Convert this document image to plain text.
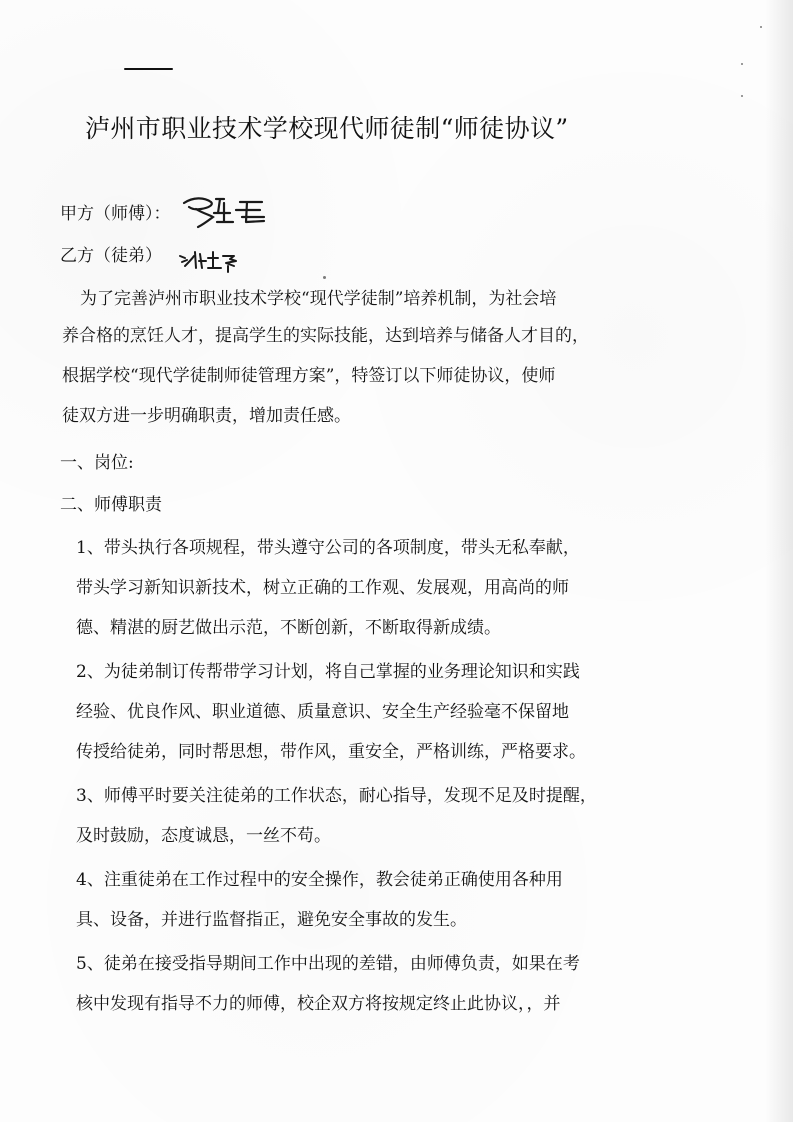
泸州市职业技术学校现代师徒制“师徒协议”
甲方（师傅）：
乙方（徒弟）
为了完善泸州市职业技术学校“现代学徒制”培养机制，为社会培
养合格的烹饪人才，提高学生的实际技能，达到培养与储备人才目的，
根据学校“现代学徒制师徒管理方案”，特签订以下师徒协议，使师
徒双方进一步明确职责，增加责任感。
一、岗位:
二、师傅职责
1、带头执行各项规程，带头遵守公司的各项制度，带头无私奉献，
带头学习新知识新技术，树立正确的工作观、发展观，用高尚的师
德、精湛的厨艺做出示范，不断创新，不断取得新成绩。
2、为徒弟制订传帮带学习计划，将自己掌握的业务理论知识和实践
经验、优良作风、职业道德、质量意识、安全生产经验毫不保留地
传授给徒弟，同时帮思想，带作风，重安全，严格训练，严格要求。
3、师傅平时要关注徒弟的工作状态，耐心指导，发现不足及时提醒，
及时鼓励，态度诚恳，一丝不苟。
4、注重徒弟在工作过程中的安全操作，教会徒弟正确使用各种用
具、设备，并进行监督指正，避免安全事故的发生。
5、徒弟在接受指导期间工作中出现的差错，由师傅负责，如果在考
核中发现有指导不力的师傅，校企双方将按规定终止此协议，，并
